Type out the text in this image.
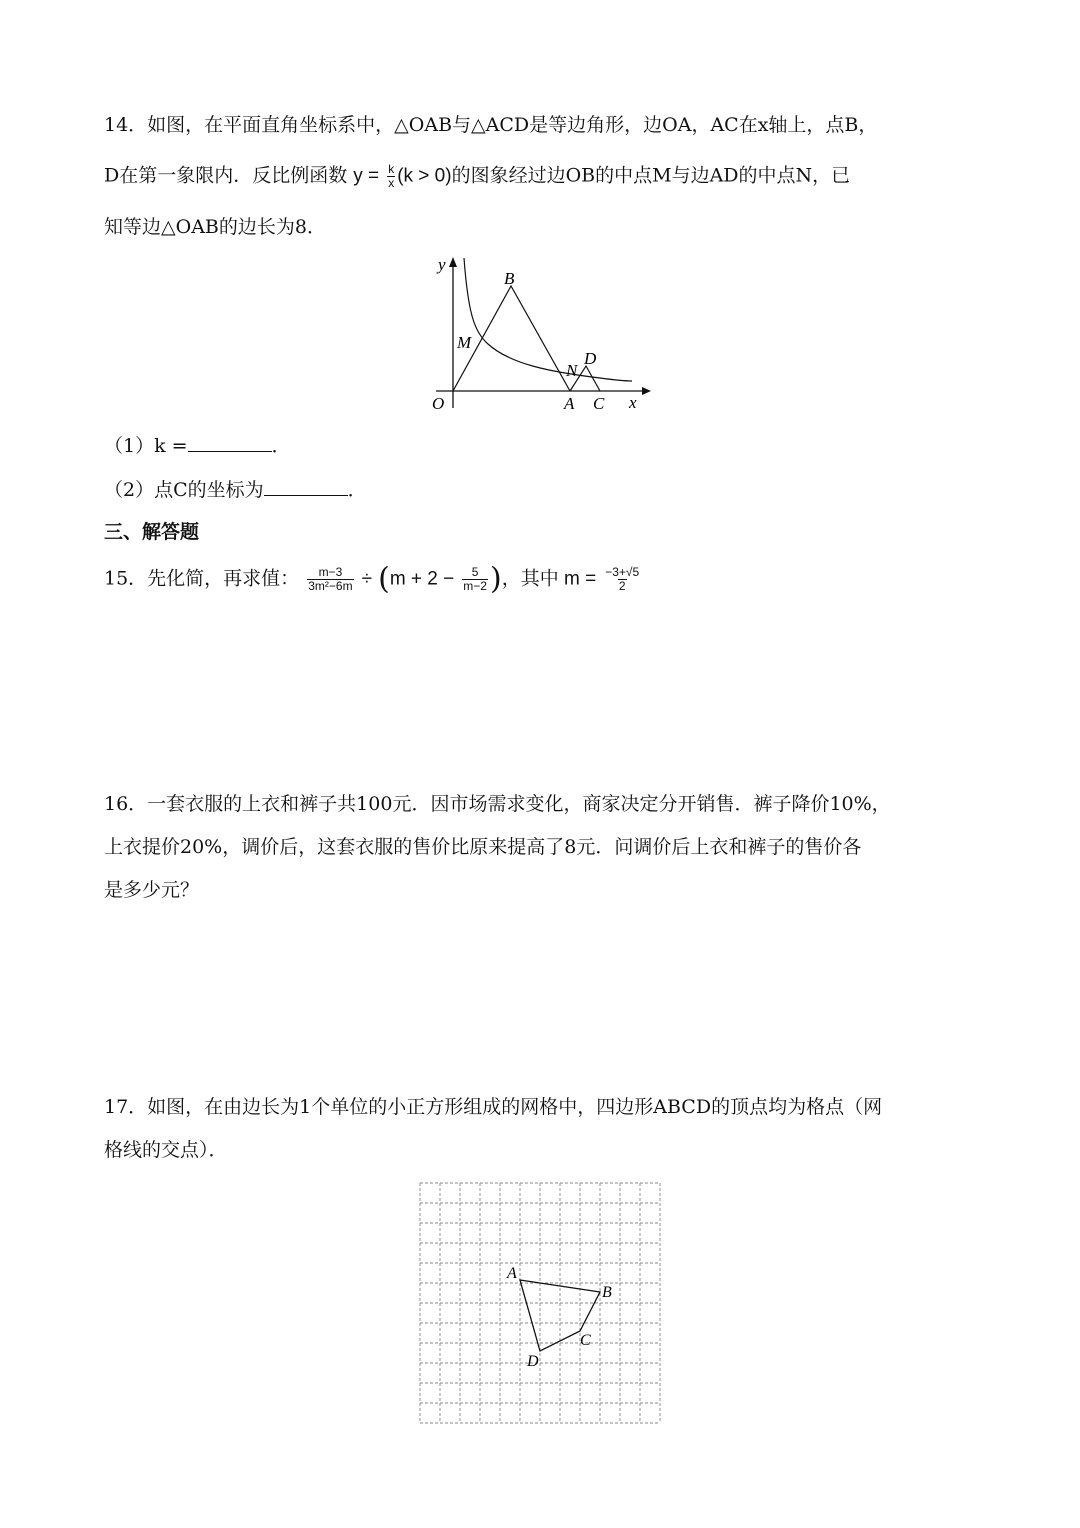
14．如图，在平面直角坐标系中，△OAB与△ACD是等边角形，边OA，AC在x轴上，点B，
D在第一象限内．反比例函数 $y = \frac{k}{x} (k > 0)$的图象经过边OB的中点M与边AD的中点N，已
知等边△OAB的边长为8．
y
B
M
N
D
O	A C x
（1）k =	．
（2）点C的坐标为	．
三、解答题
15．先化简，再求值： $\frac{m-3}{\text{3m²−6m}} \div (m + 2 - \frac{5}{m-2}$ )，其中 $m = \frac{-3+√5}{2}$
16．一套衣服的上衣和裤子共100元．因市场需求变化，商家决定分开销售．裤子降价10%，
上衣提价20%，调价后，这套衣服的售价比原来提高了8元．问调价后上衣和裤子的售价各
是多少元？
17．如图，在由边长为1个单位的小正方形组成的网格中，四边形ABCD的顶点均为格点（网
格线的交点）．
A
B
C
D
